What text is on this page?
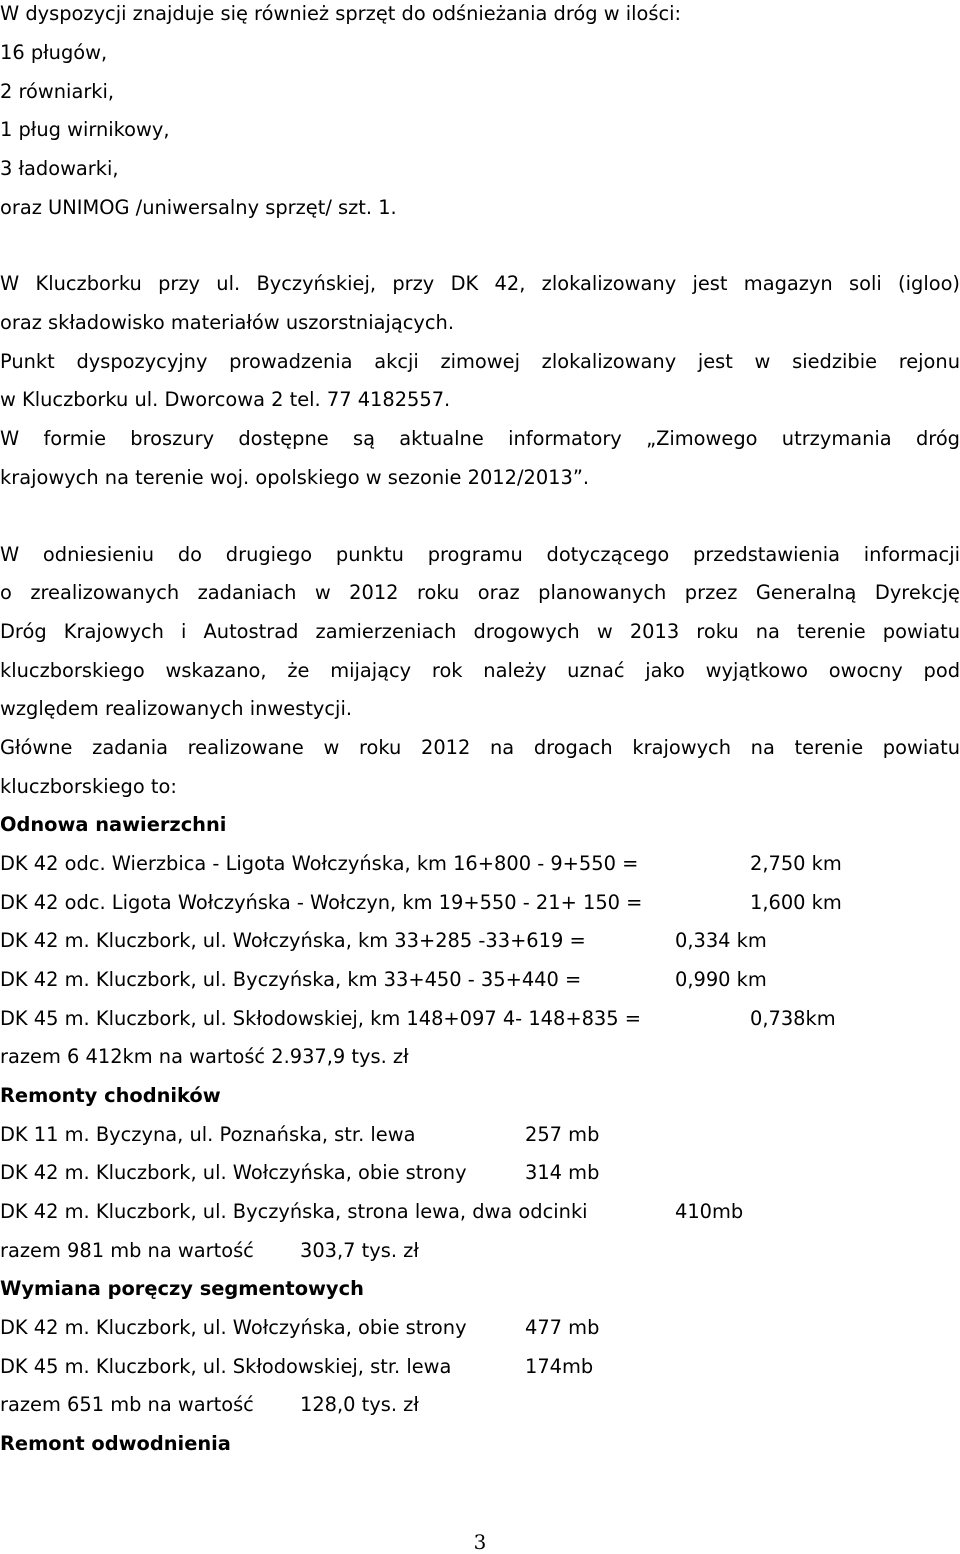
W dyspozycji znajduje się również sprzęt do odśnieżania dróg w ilości:
16 pługów,
2 równiarki,
1 pług wirnikowy,
3 ładowarki,
oraz UNIMOG /uniwersalny sprzęt/ szt. 1.
W Kluczborku przy ul. Byczyńskiej, przy DK 42, zlokalizowany jest magazyn soli (igloo)
oraz składowisko materiałów uszorstniających.
Punkt dyspozycyjny prowadzenia akcji zimowej zlokalizowany jest w siedzibie rejonu
w Kluczborku ul. Dworcowa 2 tel. 77 4182557.
W formie broszury dostępne są aktualne informatory „Zimowego utrzymania dróg
krajowych na terenie woj. opolskiego w sezonie 2012/2013”.
W odniesieniu do drugiego punktu programu dotyczącego przedstawienia informacji
o zrealizowanych zadaniach w 2012 roku oraz planowanych przez Generalną Dyrekcję
Dróg Krajowych i Autostrad zamierzeniach drogowych w 2013 roku na terenie powiatu
kluczborskiego wskazano, że mijający rok należy uznać jako wyjątkowo owocny pod
względem realizowanych inwestycji.
Główne zadania realizowane w roku 2012 na drogach krajowych na terenie powiatu
kluczborskiego to:
Odnowa nawierzchni
DK 42 odc. Wierzbica - Ligota Wołczyńska, km 16+800 - 9+550 =	2,750 km
DK 42 odc. Ligota Wołczyńska - Wołczyn, km 19+550 - 21+ 150 =	1,600 km
DK 42 m. Kluczbork, ul. Wołczyńska, km 33+285 -33+619 =	0,334 km
DK 42 m. Kluczbork, ul. Byczyńska, km 33+450 - 35+440 =	0,990 km
DK 45 m. Kluczbork, ul. Skłodowskiej, km 148+097 4- 148+835 =	0,738km
razem 6 412km na wartość 2.937,9 tys. zł
Remonty chodników
DK 11 m. Byczyna, ul. Poznańska, str. lewa	257 mb
DK 42 m. Kluczbork, ul. Wołczyńska, obie strony	314 mb
DK 42 m. Kluczbork, ul. Byczyńska, strona lewa, dwa odcinki	410mb
razem 981 mb na wartość 303,7 tys. zł
Wymiana poręczy segmentowych
DK 42 m. Kluczbork, ul. Wołczyńska, obie strony	477 mb
DK 45 m. Kluczbork, ul. Skłodowskiej, str. lewa	174mb
razem 651 mb na wartość 128,0 tys. zł
Remont odwodnienia
3
